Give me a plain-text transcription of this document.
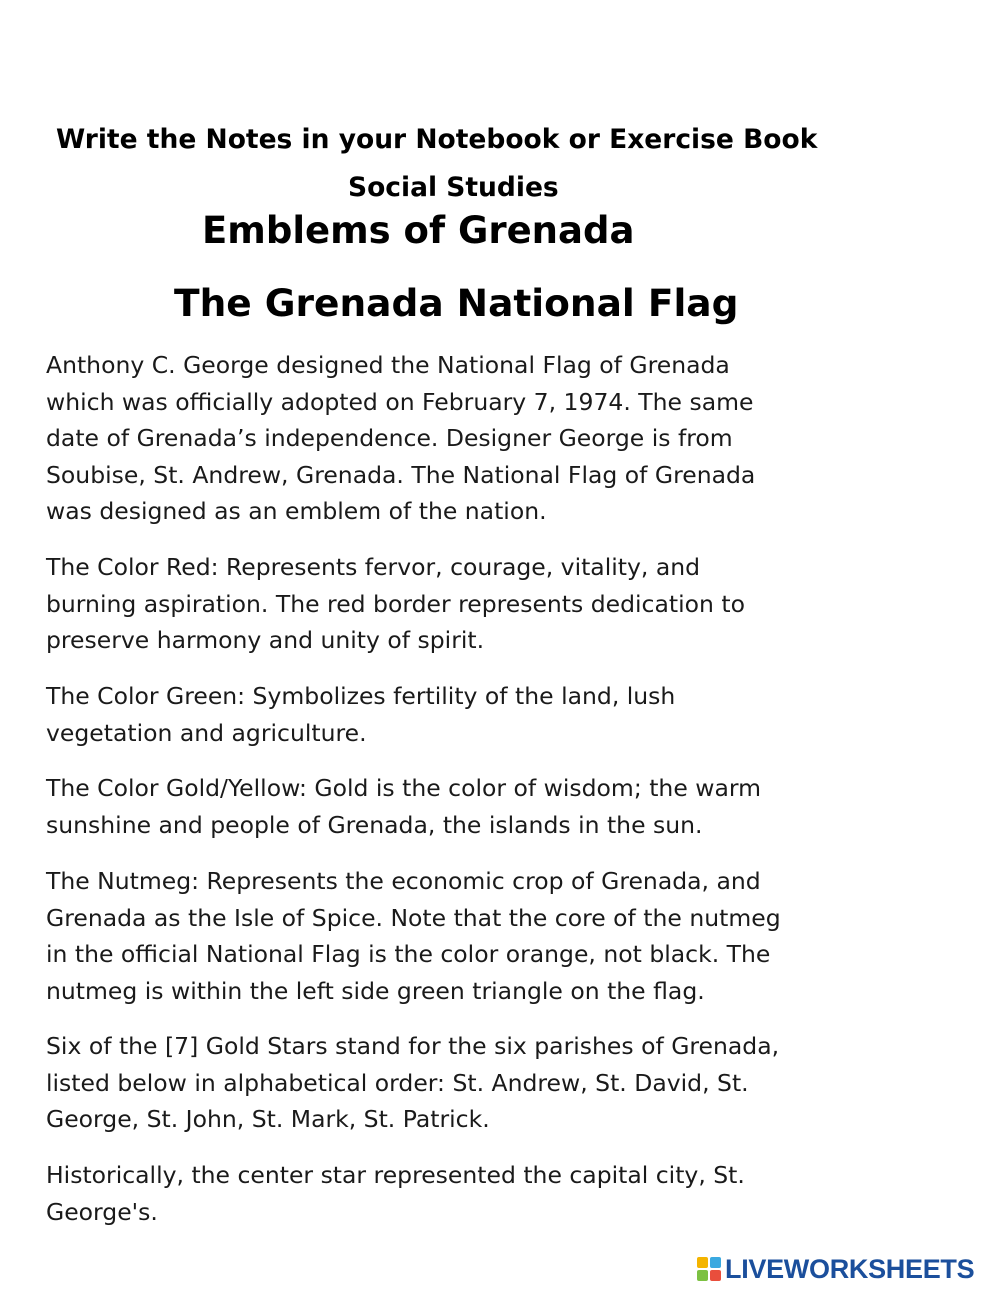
Write the Notes in your Notebook or Exercise Book
Social Studies
Emblems of Grenada
The Grenada National Flag

Anthony C. George designed the National Flag of Grenada
which was officially adopted on February 7, 1974. The same
date of Grenada’s independence. Designer George is from
Soubise, St. Andrew, Grenada. The National Flag of Grenada
was designed as an emblem of the nation.

The Color Red: Represents fervor, courage, vitality, and
burning aspiration. The red border represents dedication to
preserve harmony and unity of spirit.

The Color Green: Symbolizes fertility of the land, lush
vegetation and agriculture.

The Color Gold/Yellow: Gold is the color of wisdom; the warm
sunshine and people of Grenada, the islands in the sun.

The Nutmeg: Represents the economic crop of Grenada, and
Grenada as the Isle of Spice. Note that the core of the nutmeg
in the official National Flag is the color orange, not black. The
nutmeg is within the left side green triangle on the flag.

Six of the [7] Gold Stars stand for the six parishes of Grenada,
listed below in alphabetical order: St. Andrew, St. David, St.
George, St. John, St. Mark, St. Patrick.

Historically, the center star represented the capital city, St.
George's.

LIVEWORKSHEETS
